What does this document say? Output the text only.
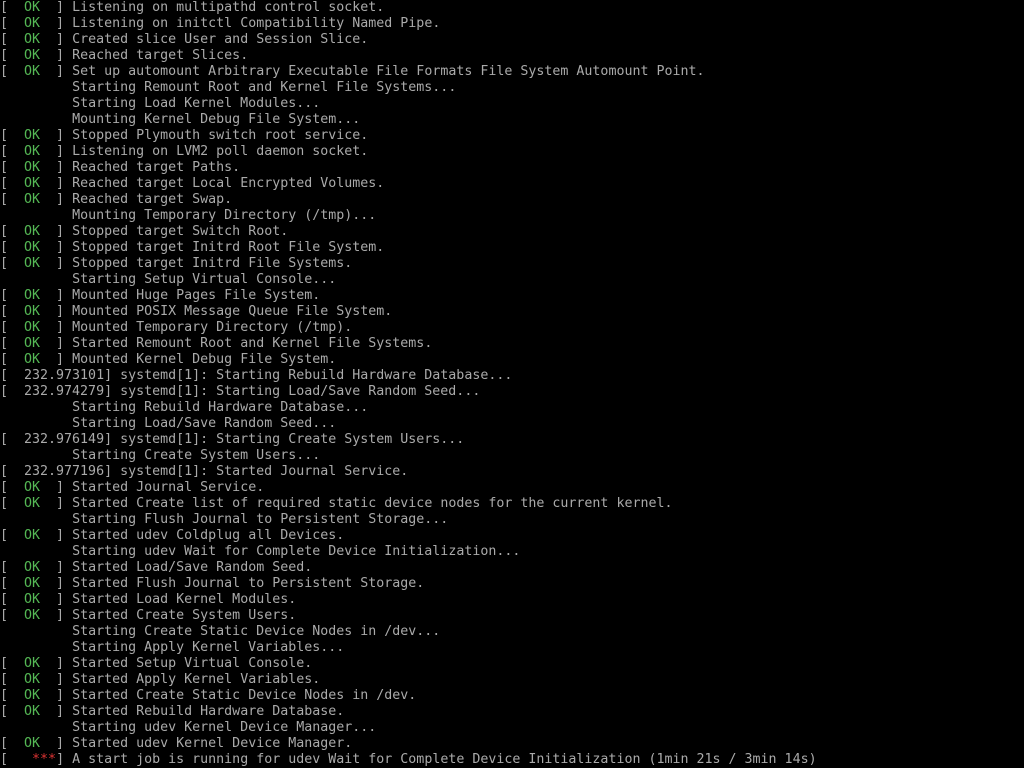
[  OK  ] Listening on multipathd control socket.
[  OK  ] Listening on initctl Compatibility Named Pipe.
[  OK  ] Created slice User and Session Slice.
[  OK  ] Reached target Slices.
[  OK  ] Set up automount Arbitrary Executable File Formats File System Automount Point.
Starting Remount Root and Kernel File Systems...
Starting Load Kernel Modules...
Mounting Kernel Debug File System...
[  OK  ] Stopped Plymouth switch root service.
[  OK  ] Listening on LVM2 poll daemon socket.
[  OK  ] Reached target Paths.
[  OK  ] Reached target Local Encrypted Volumes.
[  OK  ] Reached target Swap.
Mounting Temporary Directory (/tmp)...
[  OK  ] Stopped target Switch Root.
[  OK  ] Stopped target Initrd Root File System.
[  OK  ] Stopped target Initrd File Systems.
Starting Setup Virtual Console...
[  OK  ] Mounted Huge Pages File System.
[  OK  ] Mounted POSIX Message Queue File System.
[  OK  ] Mounted Temporary Directory (/tmp).
[  OK  ] Started Remount Root and Kernel File Systems.
[  OK  ] Mounted Kernel Debug File System.
[  232.973101] systemd[1]: Starting Rebuild Hardware Database...
[  232.974279] systemd[1]: Starting Load/Save Random Seed...
Starting Rebuild Hardware Database...
Starting Load/Save Random Seed...
[  232.976149] systemd[1]: Starting Create System Users...
Starting Create System Users...
[  232.977196] systemd[1]: Started Journal Service.
[  OK  ] Started Journal Service.
[  OK  ] Started Create list of required static device nodes for the current kernel.
Starting Flush Journal to Persistent Storage...
[  OK  ] Started udev Coldplug all Devices.
Starting udev Wait for Complete Device Initialization...
[  OK  ] Started Load/Save Random Seed.
[  OK  ] Started Flush Journal to Persistent Storage.
[  OK  ] Started Load Kernel Modules.
[  OK  ] Started Create System Users.
Starting Create Static Device Nodes in /dev...
Starting Apply Kernel Variables...
[  OK  ] Started Setup Virtual Console.
[  OK  ] Started Apply Kernel Variables.
[  OK  ] Started Create Static Device Nodes in /dev.
[  OK  ] Started Rebuild Hardware Database.
Starting udev Kernel Device Manager...
[  OK  ] Started udev Kernel Device Manager.
[   ***] A start job is running for udev Wait for Complete Device Initialization (1min 21s / 3min 14s)
